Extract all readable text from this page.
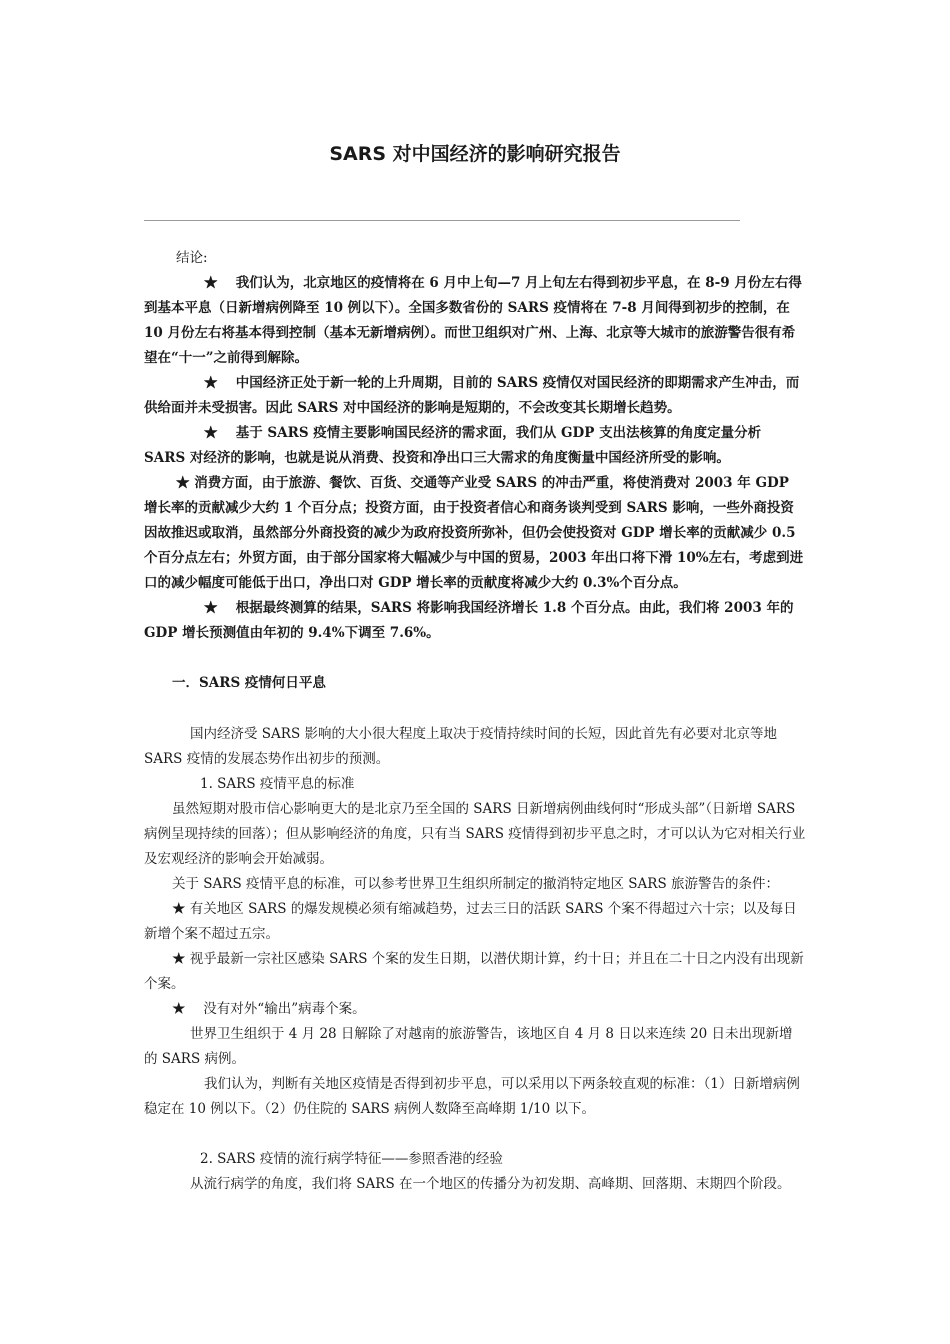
SARS 对中国经济的影响研究报告

结论:

★　 我们认为，北京地区的疫情将在 6 月中上旬—7 月上旬左右得到初步平息，在 8-9 月份左右得到基本平息（日新增病例降至 10 例以下）。全国多数省份的 SARS 疫情将在 7-8 月间得到初步的控制，在 10 月份左右将基本得到控制（基本无新增病例）。而世卫组织对广州、上海、北京等大城市的旅游警告很有希望在“十一”之前得到解除。

★　 中国经济正处于新一轮的上升周期，目前的 SARS 疫情仅对国民经济的即期需求产生冲击，而供给面并未受损害。因此 SARS 对中国经济的影响是短期的，不会改变其长期增长趋势。

★　 基于 SARS 疫情主要影响国民经济的需求面，我们从 GDP 支出法核算的角度定量分析 SARS 对经济的影响，也就是说从消费、投资和净出口三大需求的角度衡量中国经济所受的影响。

★ 消费方面，由于旅游、餐饮、百货、交通等产业受 SARS 的冲击严重，将使消费对 2003 年 GDP 增长率的贡献减少大约 1 个百分点；投资方面，由于投资者信心和商务谈判受到 SARS 影响，一些外商投资因故推迟或取消，虽然部分外商投资的减少为政府投资所弥补，但仍会使投资对 GDP 增长率的贡献减少 0.5 个百分点左右；外贸方面，由于部分国家将大幅减少与中国的贸易，2003 年出口将下滑 10%左右，考虑到进口的减少幅度可能低于出口，净出口对 GDP 增长率的贡献度将减少大约 0.3%个百分点。

★　 根据最终测算的结果，SARS 将影响我国经济增长 1.8 个百分点。由此，我们将 2003 年的 GDP 增长预测值由年初的 9.4%下调至 7.6%。

一．SARS 疫情何日平息

国内经济受 SARS 影响的大小很大程度上取决于疫情持续时间的长短，因此首先有必要对北京等地 SARS 疫情的发展态势作出初步的预测。

1. SARS 疫情平息的标准

虽然短期对股市信心影响更大的是北京乃至全国的 SARS 日新增病例曲线何时“形成头部”（日新增 SARS 病例呈现持续的回落）；但从影响经济的角度，只有当 SARS 疫情得到初步平息之时，才可以认为它对相关行业及宏观经济的影响会开始减弱。

关于 SARS 疫情平息的标准，可以参考世界卫生组织所制定的撤消特定地区 SARS 旅游警告的条件：

★ 有关地区 SARS 的爆发规模必须有缩减趋势，过去三日的活跃 SARS 个案不得超过六十宗；以及每日新增个案不超过五宗。

★ 视乎最新一宗社区感染 SARS 个案的发生日期，以潜伏期计算，约十日；并且在二十日之内没有出现新个案。

★　 没有对外“输出”病毒个案。

世界卫生组织于 4 月 28 日解除了对越南的旅游警告，该地区自 4 月 8 日以来连续 20 日未出现新增的 SARS 病例。

我们认为，判断有关地区疫情是否得到初步平息，可以采用以下两条较直观的标准：（1）日新增病例稳定在 10 例以下。（2）仍住院的 SARS 病例人数降至高峰期 1/10 以下。

2. SARS 疫情的流行病学特征——参照香港的经验

从流行病学的角度，我们将 SARS 在一个地区的传播分为初发期、高峰期、回落期、末期四个阶段。
